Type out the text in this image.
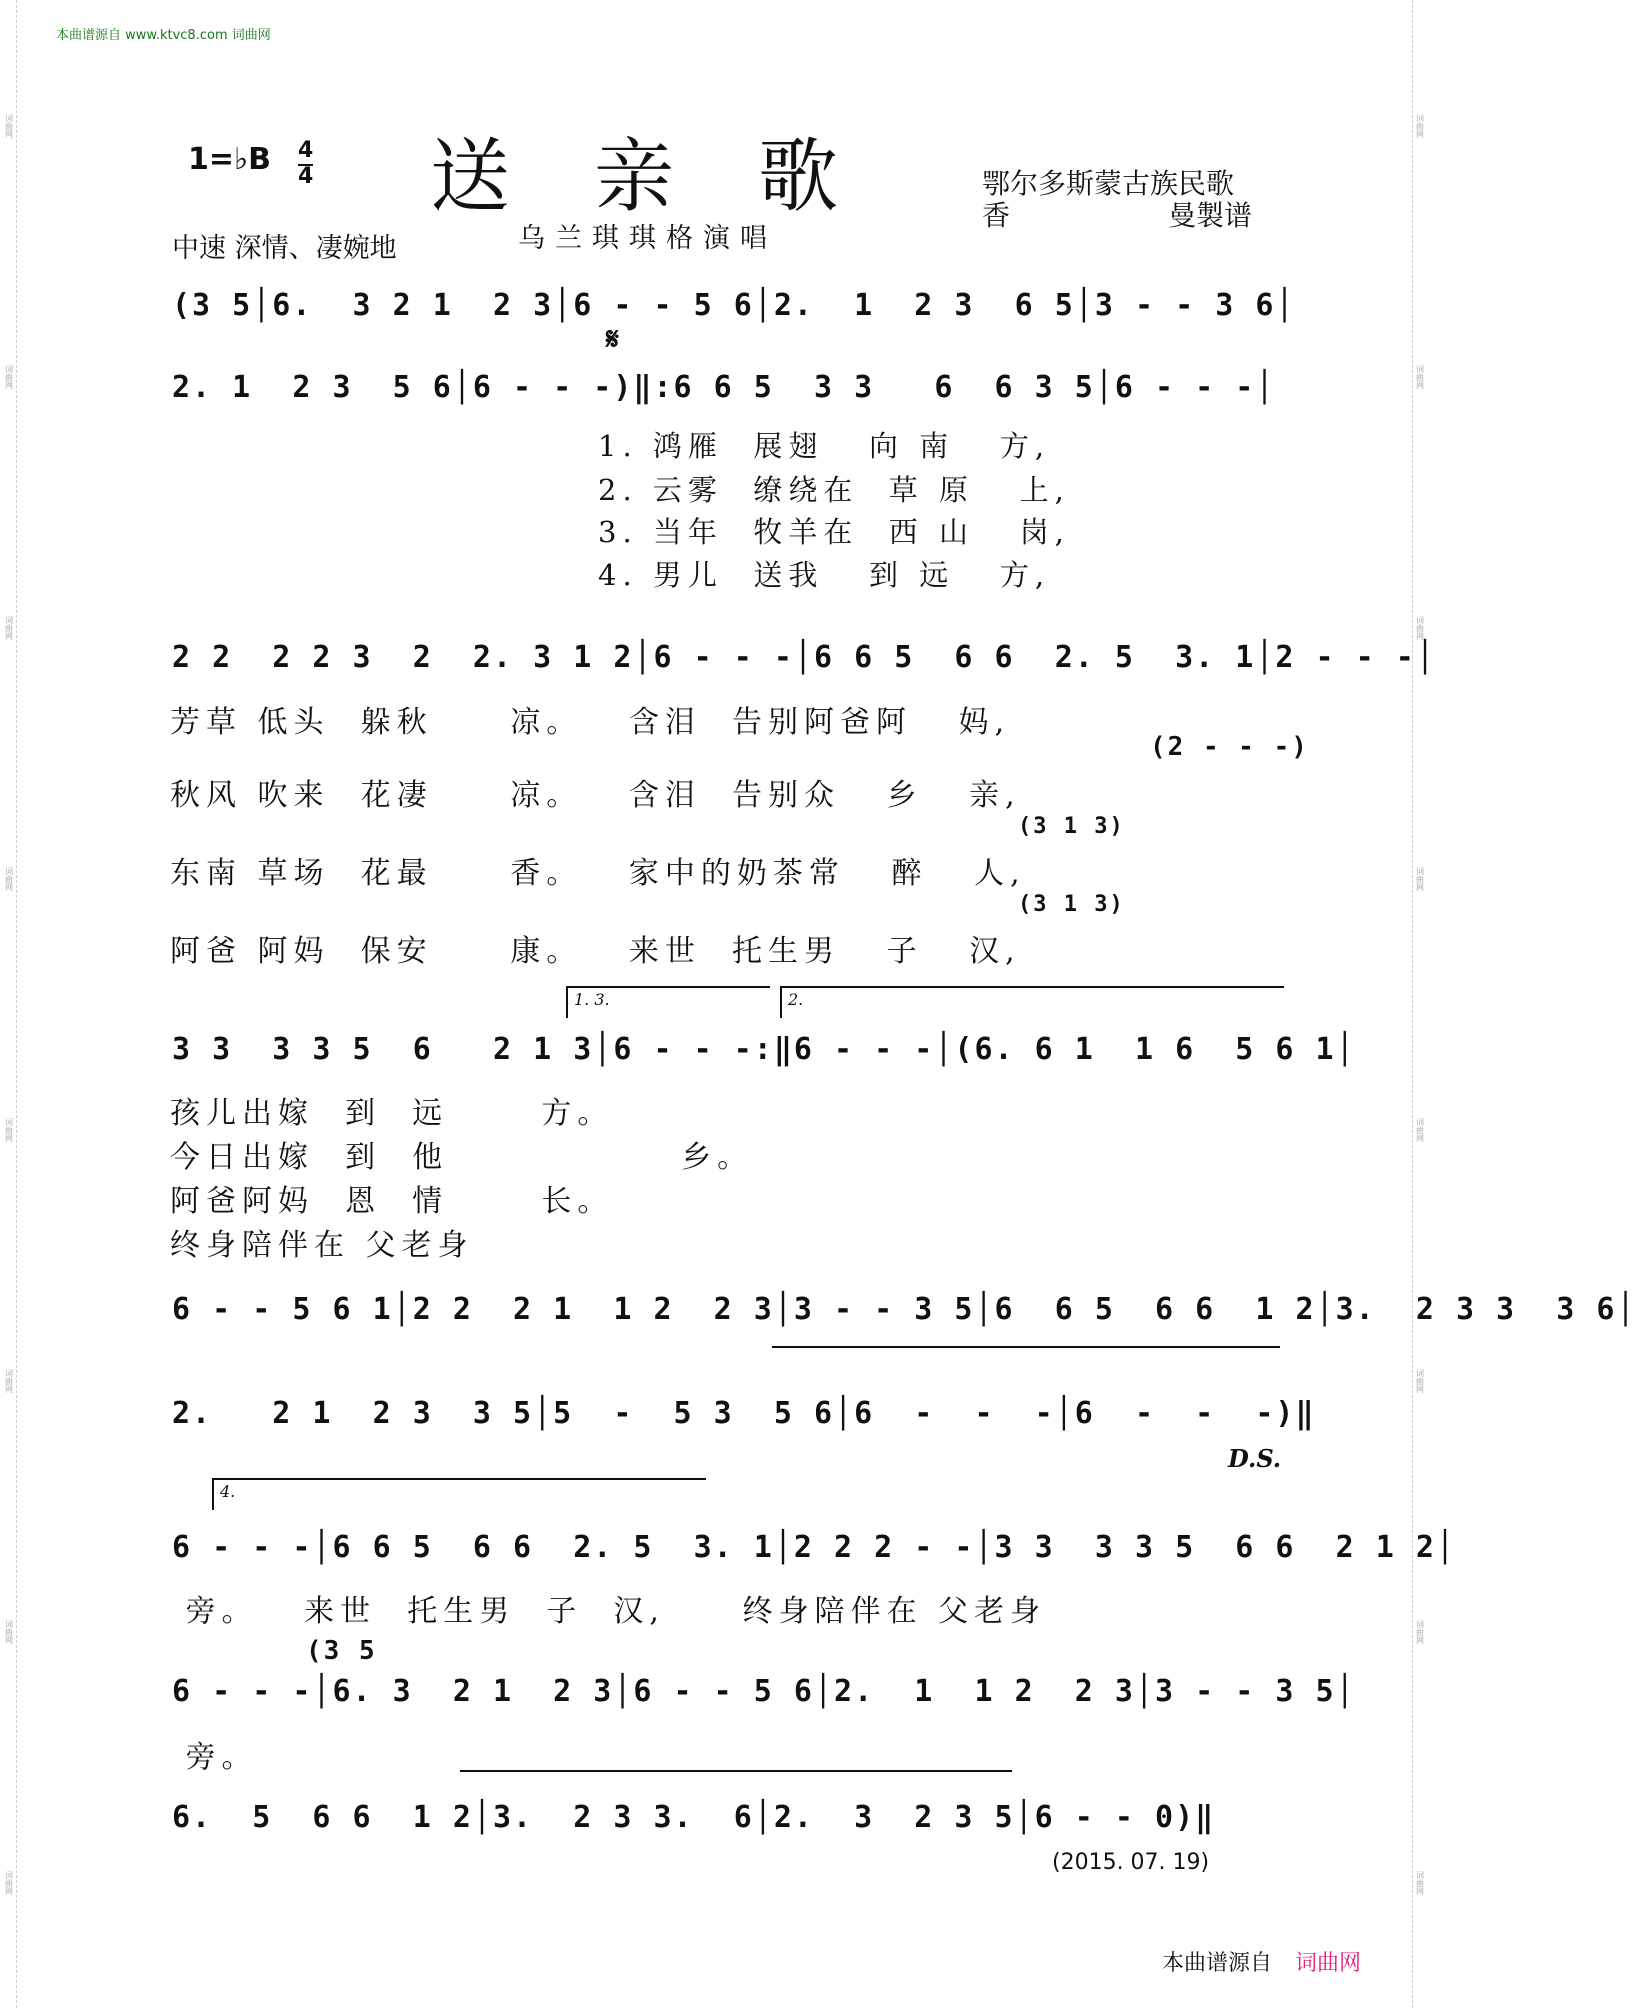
词曲网
词曲网
词曲网
词曲网
词曲网
词曲网
词曲网
词曲网
词曲网
词曲网
词曲网
词曲网
词曲网
词曲网
词曲网
词曲网
本曲谱源自 www.ktvc8.com 词曲网
1=♭B 4
4 送亲歌 鄂尔多斯蒙古族民歌
香	曼製谱
中速 深情、凄婉地	乌兰琪琪格演唱
(3 5│6.  3 2 1  2 3│6 - - 5 6│2.  1  2 3  6 5│3 - - 3 6│
𝄋
2. 1  2 3  5 6│6 - - -)‖:6 6 5  3 3   6  6 3 5│6 - - -│
1. 鸿雁  展翅   向 南   方,
2. 云雾  缭绕在  草 原   上,
3. 当年  牧羊在  西 山   岗,
4. 男儿  送我   到 远   方,
2 2  2 2 3  2  2. 3 1 2│6 - - -│6 6 5  6 6  2. 5  3. 1│2 - - -│
芳草 低头  躲秋     凉。   含泪  告别阿爸阿   妈,
(2 - - -)
秋风 吹来  花凄     凉。   含泪  告别众   乡   亲,
(3 1 3)
东南 草场  花最     香。   家中的奶茶常   醉   人,
(3 1 3)
阿爸 阿妈  保安     康。   来世  托生男   子   汉,
1. 3.	2.
3 3  3 3 5  6   2 1 3│6 - - -:‖6 - - -│(6. 6 1  1 6  5 6 1│
孩儿出嫁  到  远      方。
今日出嫁  到  他               乡。
阿爸阿妈  恩  情      长。
终身陪伴在 父老身
6 - - 5 6 1│2 2  2 1  1 2  2 3│3 - - 3 5│6  6 5  6 6  1 2│3.  2 3 3  3 6│
2.   2 1  2 3  3 5│5  -  5 3  5 6│6  -  -  -│6  -  -  -)‖
D.S.
4.
6 - - -│6 6 5  6 6  2. 5  3. 1│2 2 2 - -│3 3  3 3 5  6 6  2 1 2│
旁。   来世  托生男  子  汉,     终身陪伴在 父老身
(3 5
6 - - -│6. 3  2 1  2 3│6 - - 5 6│2.  1  1 2  2 3│3 - - 3 5│
旁。
6.  5  6 6  1 2│3.  2 3 3.  6│2.  3  2 3 5│6 - - 0)‖
(2015. 07. 19)
本曲谱源自 词曲网
